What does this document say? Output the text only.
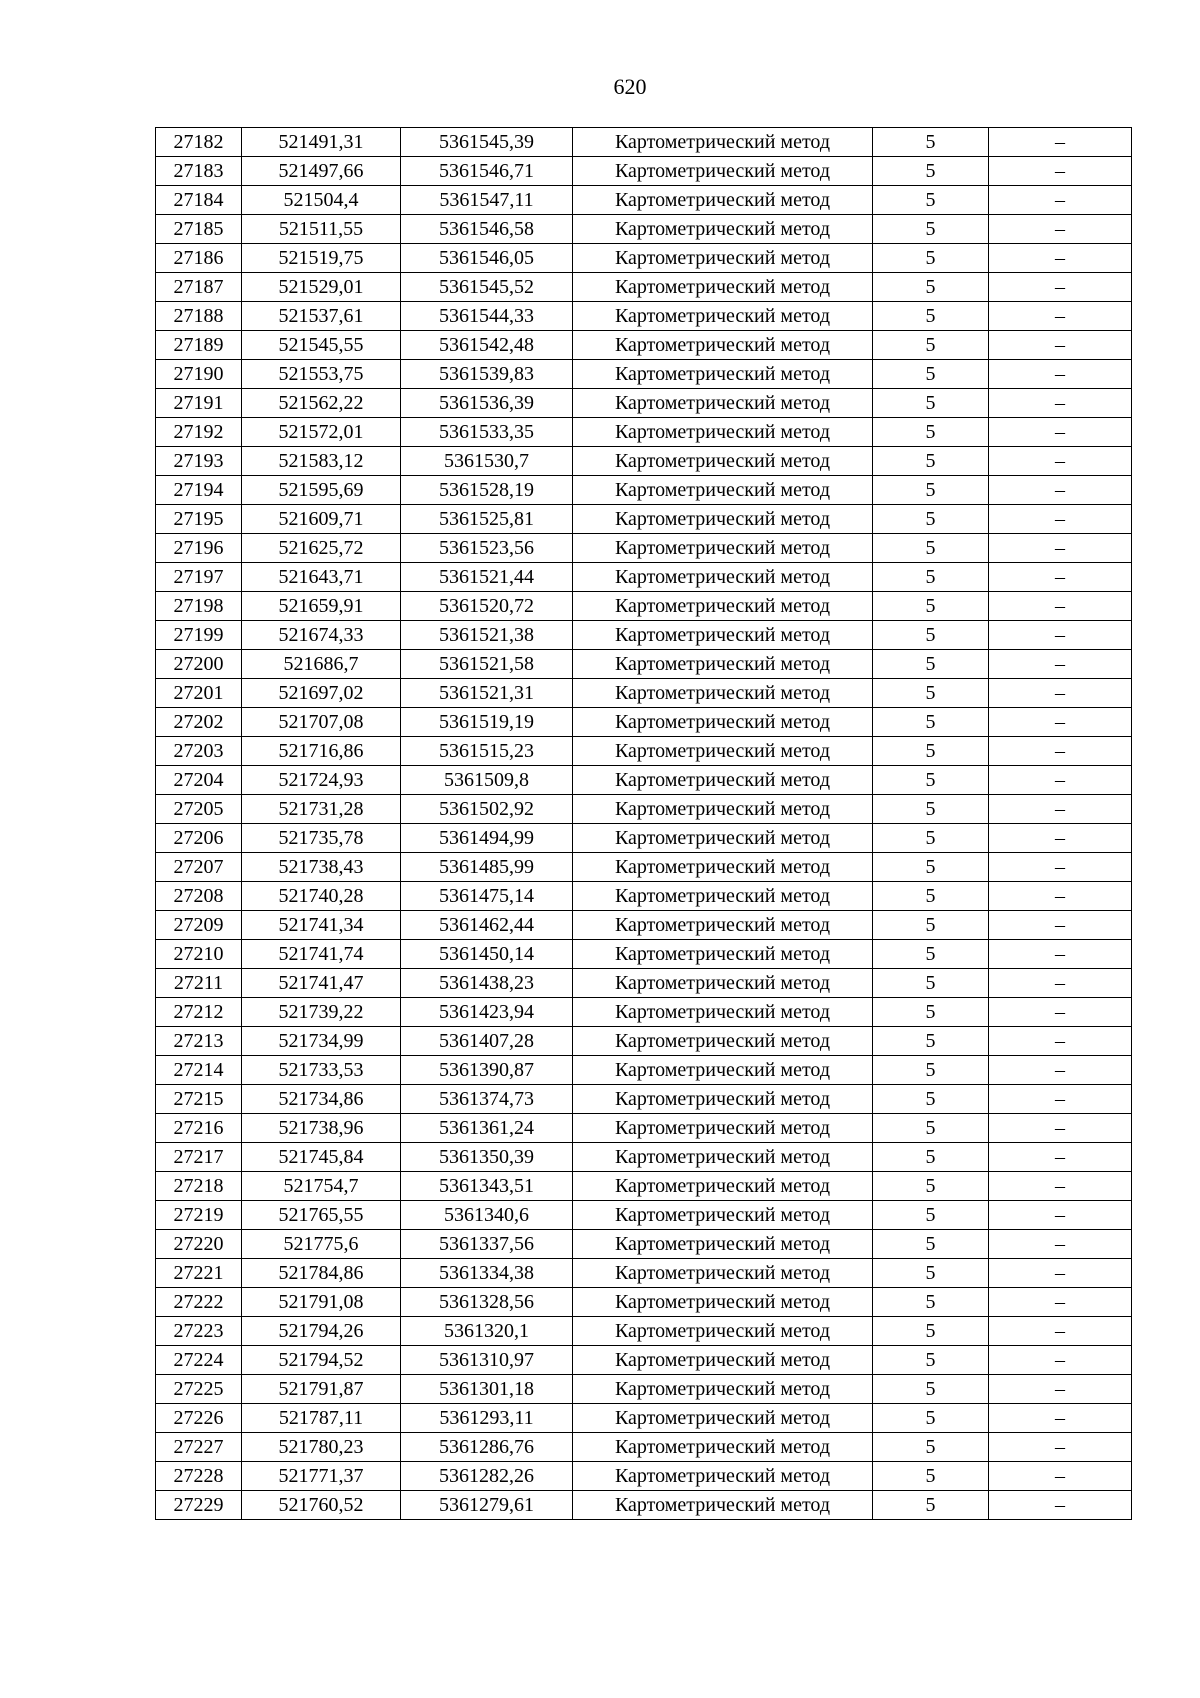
620
27182	521491,31	5361545,39	Картометрический метод	5	–
27183	521497,66	5361546,71	Картометрический метод	5	–
27184	521504,4	5361547,11	Картометрический метод	5	–
27185	521511,55	5361546,58	Картометрический метод	5	–
27186	521519,75	5361546,05	Картометрический метод	5	–
27187	521529,01	5361545,52	Картометрический метод	5	–
27188	521537,61	5361544,33	Картометрический метод	5	–
27189	521545,55	5361542,48	Картометрический метод	5	–
27190	521553,75	5361539,83	Картометрический метод	5	–
27191	521562,22	5361536,39	Картометрический метод	5	–
27192	521572,01	5361533,35	Картометрический метод	5	–
27193	521583,12	5361530,7	Картометрический метод	5	–
27194	521595,69	5361528,19	Картометрический метод	5	–
27195	521609,71	5361525,81	Картометрический метод	5	–
27196	521625,72	5361523,56	Картометрический метод	5	–
27197	521643,71	5361521,44	Картометрический метод	5	–
27198	521659,91	5361520,72	Картометрический метод	5	–
27199	521674,33	5361521,38	Картометрический метод	5	–
27200	521686,7	5361521,58	Картометрический метод	5	–
27201	521697,02	5361521,31	Картометрический метод	5	–
27202	521707,08	5361519,19	Картометрический метод	5	–
27203	521716,86	5361515,23	Картометрический метод	5	–
27204	521724,93	5361509,8	Картометрический метод	5	–
27205	521731,28	5361502,92	Картометрический метод	5	–
27206	521735,78	5361494,99	Картометрический метод	5	–
27207	521738,43	5361485,99	Картометрический метод	5	–
27208	521740,28	5361475,14	Картометрический метод	5	–
27209	521741,34	5361462,44	Картометрический метод	5	–
27210	521741,74	5361450,14	Картометрический метод	5	–
27211	521741,47	5361438,23	Картометрический метод	5	–
27212	521739,22	5361423,94	Картометрический метод	5	–
27213	521734,99	5361407,28	Картометрический метод	5	–
27214	521733,53	5361390,87	Картометрический метод	5	–
27215	521734,86	5361374,73	Картометрический метод	5	–
27216	521738,96	5361361,24	Картометрический метод	5	–
27217	521745,84	5361350,39	Картометрический метод	5	–
27218	521754,7	5361343,51	Картометрический метод	5	–
27219	521765,55	5361340,6	Картометрический метод	5	–
27220	521775,6	5361337,56	Картометрический метод	5	–
27221	521784,86	5361334,38	Картометрический метод	5	–
27222	521791,08	5361328,56	Картометрический метод	5	–
27223	521794,26	5361320,1	Картометрический метод	5	–
27224	521794,52	5361310,97	Картометрический метод	5	–
27225	521791,87	5361301,18	Картометрический метод	5	–
27226	521787,11	5361293,11	Картометрический метод	5	–
27227	521780,23	5361286,76	Картометрический метод	5	–
27228	521771,37	5361282,26	Картометрический метод	5	–
27229	521760,52	5361279,61	Картометрический метод	5	–
